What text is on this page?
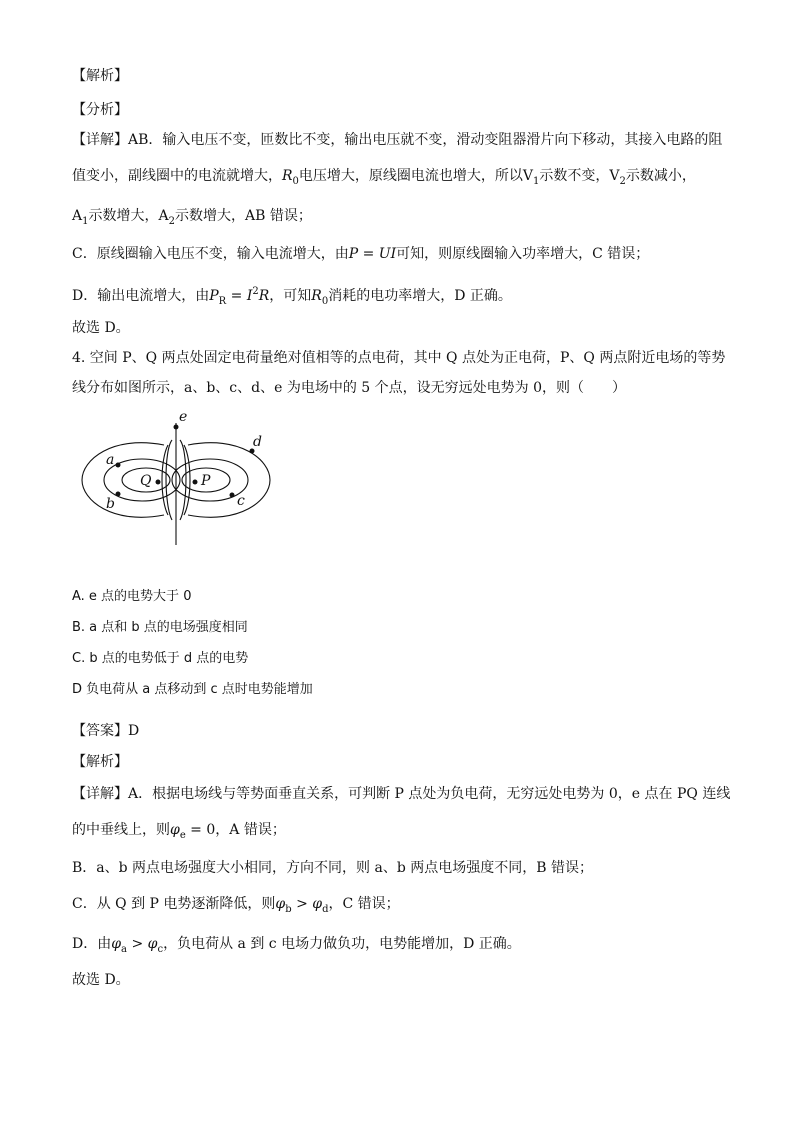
【解析】
【分析】
【详解】AB．输入电压不变，匝数比不变，输出电压就不变，滑动变阻器滑片向下移动，其接入电路的阻
值变小，副线圈中的电流就增大，$R_0$电压增大，原线圈电流也增大，所以$V_1$示数不变，$V_2$示数减小，
$A_1$示数增大，$A_2$示数增大，AB 错误；
C．原线圈输入电压不变，输入电流增大，由P = UI可知，则原线圈输入功率增大，C 错误；
D．输出电流增大，由$P_R = I^2R$，可知$R_0$消耗的电功率增大，D 正确。
故选 D。
4. 空间 P、Q 两点处固定电荷量绝对值相等的点电荷，其中 Q 点处为正电荷，P、Q 两点附近电场的等势
线分布如图所示，a、b、c、d、e 为电场中的 5 个点，设无穷远处电势为 0，则（　　）
e
d
a
b
Q	P
c
A. e 点的电势大于 0
B. a 点和 b 点的电场强度相同
C. b 点的电势低于 d 点的电势
D 负电荷从 a 点移动到 c 点时电势能增加
【答案】D
【解析】
【详解】A．根据电场线与等势面垂直关系，可判断 P 点处为负电荷，无穷远处电势为 0，e 点在 PQ 连线
的中垂线上，则$\varphi_e = 0$，A 错误；
B．a、b 两点电场强度大小相同，方向不同，则 a、b 两点电场强度不同，B 错误；
C．从 Q 到 P 电势逐渐降低，则$\varphi_b > \varphi_d$，C 错误；
D．由$\varphi_a > \varphi_c$，负电荷从 a 到 c 电场力做负功，电势能增加，D 正确。
故选 D。
